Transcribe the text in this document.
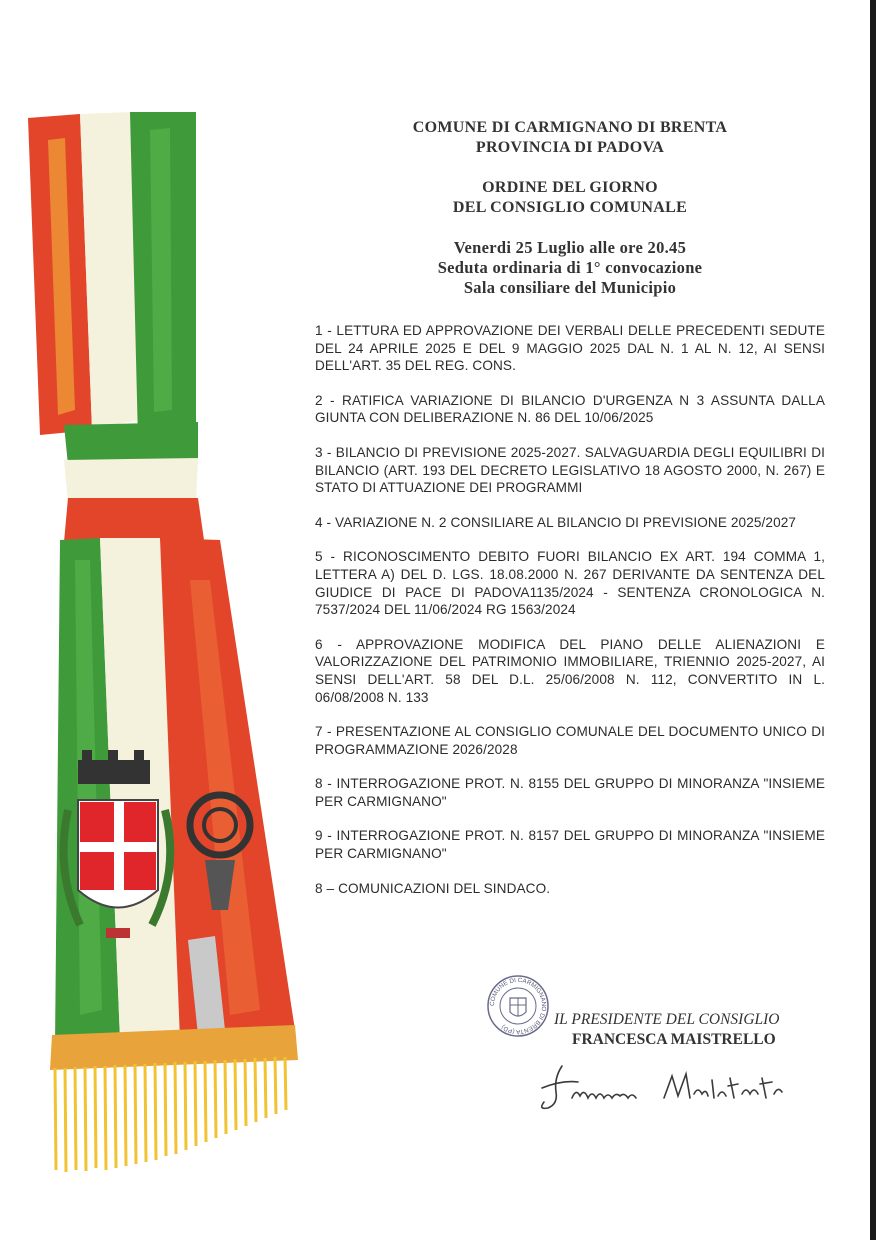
COMUNE DI CARMIGNANO DI BRENTA
PROVINCIA DI PADOVA
ORDINE DEL GIORNO
DEL CONSIGLIO COMUNALE
Venerdi 25 Luglio alle ore 20.45
Seduta ordinaria di 1° convocazione
Sala consiliare del Municipio
1 - LETTURA ED APPROVAZIONE DEI VERBALI DELLE PRECEDENTI SEDUTE DEL 24 APRILE 2025 E DEL 9 MAGGIO 2025 DAL N. 1 AL N. 12, AI SENSI DELL'ART. 35 DEL REG. CONS.
2 - RATIFICA VARIAZIONE DI BILANCIO D'URGENZA N 3 ASSUNTA DALLA GIUNTA CON DELIBERAZIONE N. 86 DEL 10/06/2025
3 - BILANCIO DI PREVISIONE 2025-2027. SALVAGUARDIA DEGLI EQUILIBRI DI BILANCIO (ART. 193 DEL DECRETO LEGISLATIVO 18 AGOSTO 2000, N. 267) E STATO DI ATTUAZIONE DEI PROGRAMMI
4 - VARIAZIONE N. 2 CONSILIARE AL BILANCIO DI PREVISIONE 2025/2027
5 - RICONOSCIMENTO DEBITO FUORI BILANCIO EX ART. 194 COMMA 1, LETTERA A) DEL D. LGS. 18.08.2000 N. 267 DERIVANTE DA SENTENZA DEL GIUDICE DI PACE DI PADOVA1135/2024 - SENTENZA CRONOLOGICA N. 7537/2024 DEL 11/06/2024 RG 1563/2024
6 - APPROVAZIONE MODIFICA DEL PIANO DELLE ALIENAZIONI E VALORIZZAZIONE DEL PATRIMONIO IMMOBILIARE, TRIENNIO 2025-2027, AI SENSI DELL'ART. 58 DEL D.L. 25/06/2008 N. 112, CONVERTITO IN L. 06/08/2008 N. 133
7 - PRESENTAZIONE AL CONSIGLIO COMUNALE DEL DOCUMENTO UNICO DI PROGRAMMAZIONE 2026/2028
8 - INTERROGAZIONE PROT. N. 8155 DEL GRUPPO DI MINORANZA "INSIEME PER CARMIGNANO"
9 - INTERROGAZIONE PROT. N. 8157 DEL GRUPPO DI MINORANZA "INSIEME PER CARMIGNANO"
8 – COMUNICAZIONI DEL SINDACO.
COMUNE DI CARMIGNANO DI BRENTA (PD)	IL PRESIDENTE DEL CONSIGLIO
FRANCESCA MAISTRELLO
